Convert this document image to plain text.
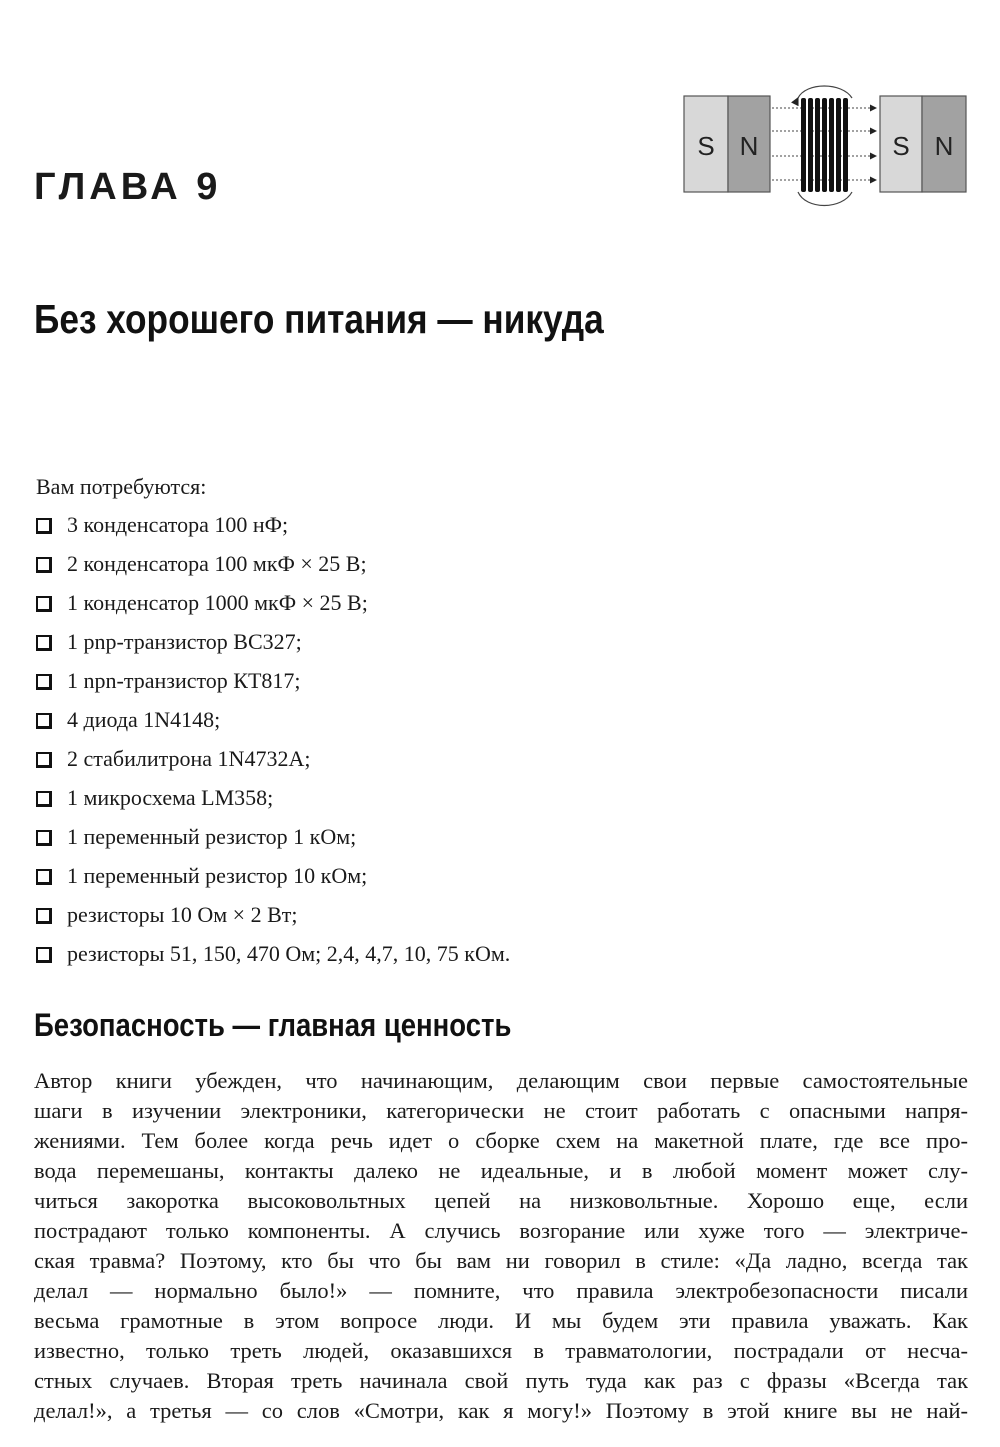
ГЛАВА 9
S N	S N
Без хорошего питания — никуда

Вам потребуются:

3 конденсатора 100 нФ;
2 конденсатора 100 мкФ × 25 В;
1 конденсатор 1000 мкФ × 25 В;
1 pnp-транзистор BC327;
1 npn-транзистор КТ817;
4 диода 1N4148;
2 стабилитрона 1N4732A;
1 микросхема LM358;
1 переменный резистор 1 кОм;
1 переменный резистор 10 кОм;
резисторы 10 Ом × 2 Вт;
резисторы 51, 150, 470 Ом; 2,4, 4,7, 10, 75 кОм.
Безопасность — главная ценность
Автор книги убежден, что начинающим, делающим свои первые самостоятельные
шаги в изучении электроники, категорически не стоит работать с опасными напря-
жениями. Тем более когда речь идет о сборке схем на макетной плате, где все про-
вода перемешаны, контакты далеко не идеальные, и в любой момент может слу-
читься закоротка высоковольтных цепей на низковольтные. Хорошо еще, если
пострадают только компоненты. А случись возгорание или хуже того — электриче-
ская травма? Поэтому, кто бы что бы вам ни говорил в стиле: «Да ладно, всегда так
делал — нормально было!» — помните, что правила электробезопасности писали
весьма грамотные в этом вопросе люди. И мы будем эти правила уважать. Как
известно, только треть людей, оказавшихся в травматологии, пострадали от несча-
стных случаев. Вторая треть начинала свой путь туда как раз с фразы «Всегда так
делал!», а третья — со слов «Смотри, как я могу!» Поэтому в этой книге вы не най-
